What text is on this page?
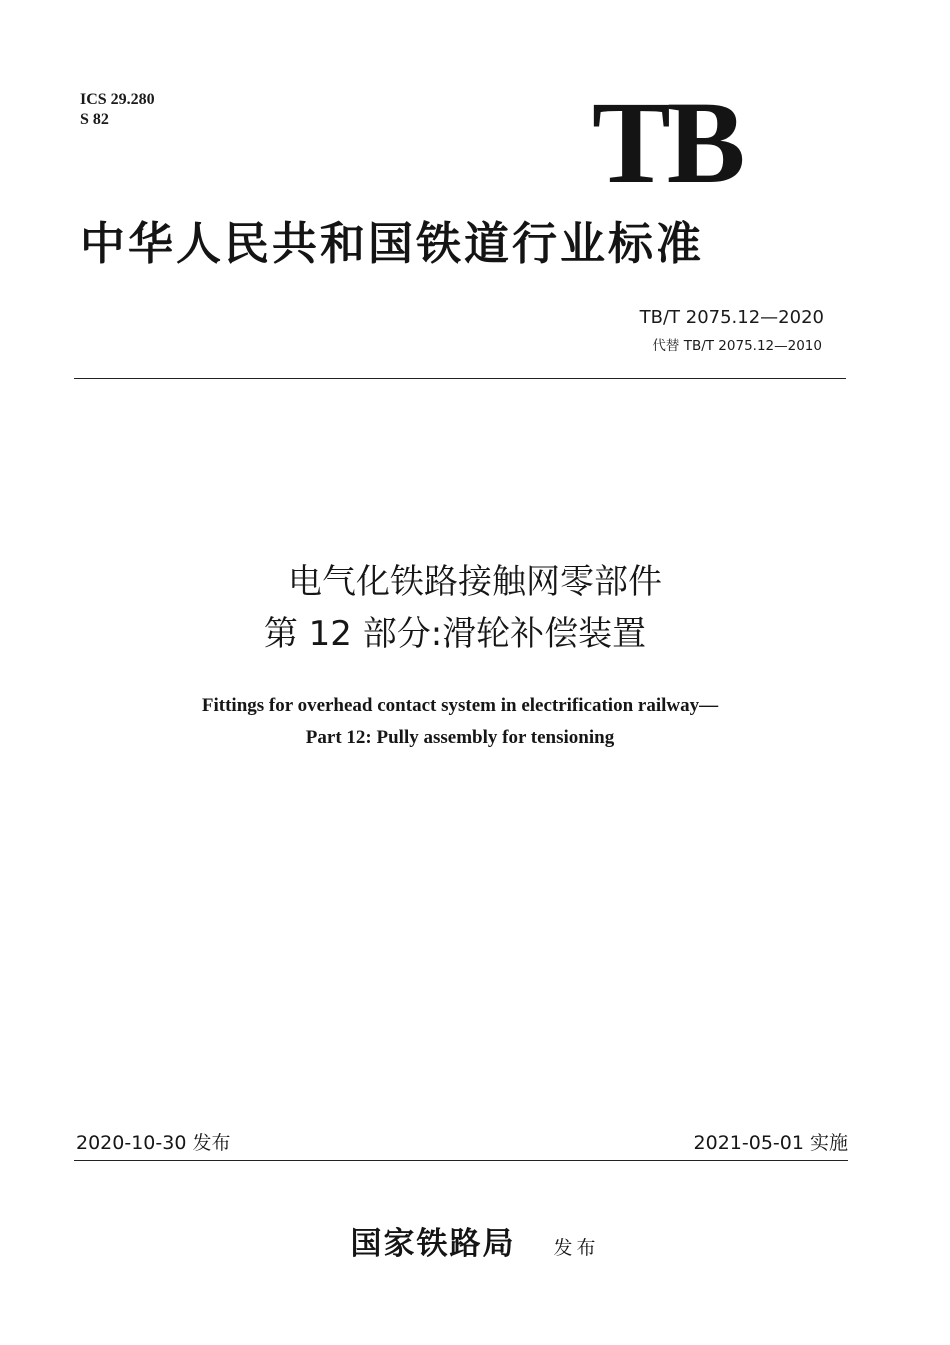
ICS 29.280
S 82	TB
中华人民共和国铁道行业标准
TB/T 2075.12—2020
代替 TB/T 2075.12—2010
电气化铁路接触网零部件
第 12 部分:滑轮补偿装置
Fittings for overhead contact system in electrification railway—
Part 12: Pully assembly for tensioning
2020-10-30 发布	2021-05-01 实施
国家铁路局 发布
